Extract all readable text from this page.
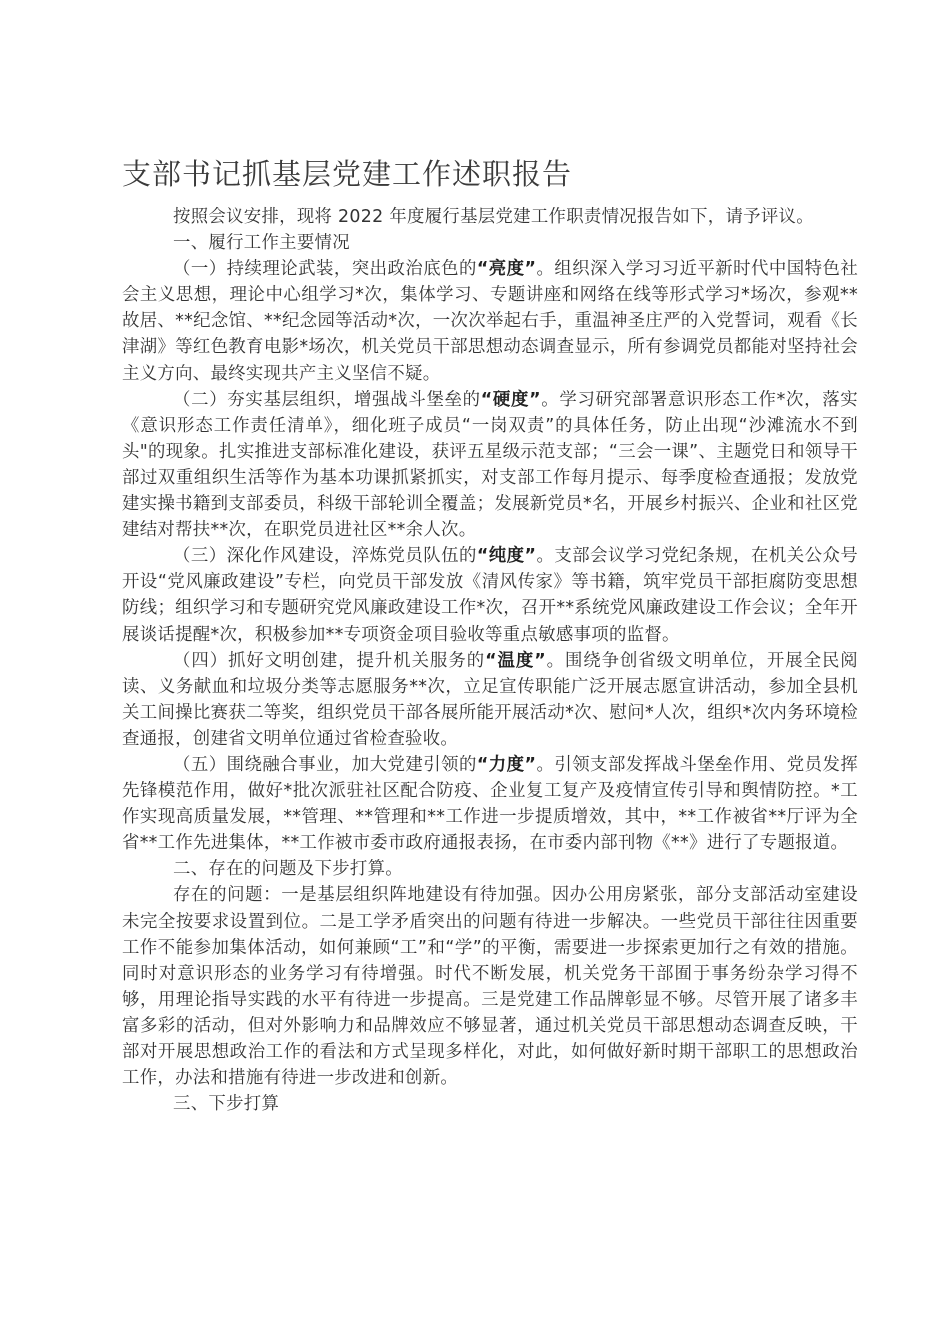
支部书记抓基层党建工作述职报告

按照会议安排，现将 2022 年度履行基层党建工作职责情况报告如下，请予评议。

一、履行工作主要情况

（一）持续理论武装，突出政治底色的“亮度”。组织深入学习习近平新时代中国特色社会主义思想，理论中心组学习*次，集体学习、专题讲座和网络在线等形式学习*场次，参观**故居、**纪念馆、**纪念园等活动*次，一次次举起右手，重温神圣庄严的入党誓词，观看《长津湖》等红色教育电影*场次，机关党员干部思想动态调查显示，所有参调党员都能对坚持社会主义方向、最终实现共产主义坚信不疑。

（二）夯实基层组织，增强战斗堡垒的“硬度”。学习研究部署意识形态工作*次，落实《意识形态工作责任清单》，细化班子成员“一岗双责”的具体任务，防止出现“沙滩流水不到头"的现象。扎实推进支部标准化建设，获评五星级示范支部；“三会一课”、主题党日和领导干部过双重组织生活等作为基本功课抓紧抓实，对支部工作每月提示、每季度检查通报；发放党建实操书籍到支部委员，科级干部轮训全覆盖；发展新党员*名，开展乡村振兴、企业和社区党建结对帮扶**次，在职党员进社区**余人次。

（三）深化作风建设，淬炼党员队伍的“纯度”。支部会议学习党纪条规，在机关公众号开设“党风廉政建设”专栏，向党员干部发放《清风传家》等书籍，筑牢党员干部拒腐防变思想防线；组织学习和专题研究党风廉政建设工作*次，召开**系统党风廉政建设工作会议；全年开展谈话提醒*次，积极参加**专项资金项目验收等重点敏感事项的监督。

（四）抓好文明创建，提升机关服务的“温度”。围绕争创省级文明单位，开展全民阅读、义务献血和垃圾分类等志愿服务**次，立足宣传职能广泛开展志愿宣讲活动，参加全县机关工间操比赛获二等奖，组织党员干部各展所能开展活动*次、慰问*人次，组织*次内务环境检查通报，创建省文明单位通过省检查验收。

（五）围绕融合事业，加大党建引领的“力度”。引领支部发挥战斗堡垒作用、党员发挥先锋模范作用，做好*批次派驻社区配合防疫、企业复工复产及疫情宣传引导和舆情防控。*工作实现高质量发展，**管理、**管理和**工作进一步提质增效，其中，**工作被省**厅评为全省**工作先进集体，**工作被市委市政府通报表扬，在市委内部刊物《**》进行了专题报道。

二、存在的问题及下步打算。

存在的问题：一是基层组织阵地建设有待加强。因办公用房紧张，部分支部活动室建设未完全按要求设置到位。二是工学矛盾突出的问题有待进一步解决。一些党员干部往往因重要工作不能参加集体活动，如何兼顾“工”和“学”的平衡，需要进一步探索更加行之有效的措施。同时对意识形态的业务学习有待增强。时代不断发展，机关党务干部囿于事务纷杂学习得不够，用理论指导实践的水平有待进一步提高。三是党建工作品牌彰显不够。尽管开展了诸多丰富多彩的活动，但对外影响力和品牌效应不够显著，通过机关党员干部思想动态调查反映，干部对开展思想政治工作的看法和方式呈现多样化，对此，如何做好新时期干部职工的思想政治工作，办法和措施有待进一步改进和创新。

三、下步打算
